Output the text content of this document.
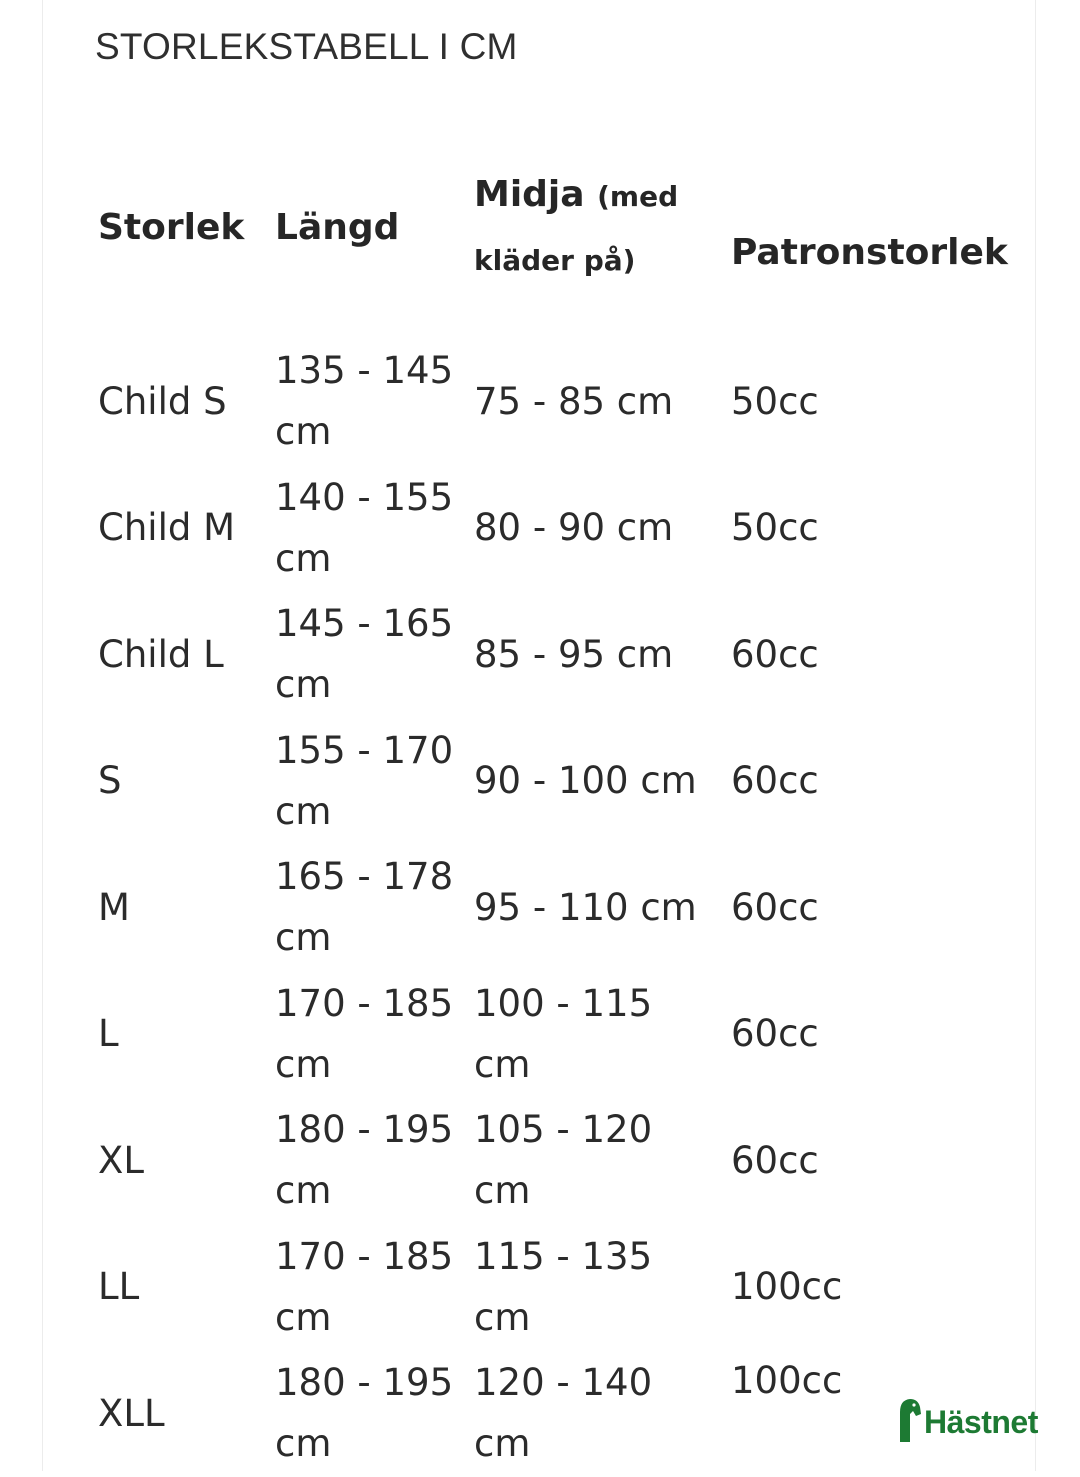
STORLEKSTABELL I CM
Storlek	Längd	Midja (med kläder på)	Patronstorlek
Child S	135 - 145 cm	75 - 85 cm	50cc
Child M	140 - 155 cm	80 - 90 cm	50cc
Child L	145 - 165 cm	85 - 95 cm	60cc
S	155 - 170 cm	90 - 100 cm	60cc
M	165 - 178 cm	95 - 110 cm	60cc
L	170 - 185 cm	100 - 115 cm	60cc
XL	180 - 195 cm	105 - 120 cm	60cc
LL	170 - 185 cm	115 - 135 cm	100cc
XLL	180 - 195 cm	120 - 140 cm	100cc
Hästnet
